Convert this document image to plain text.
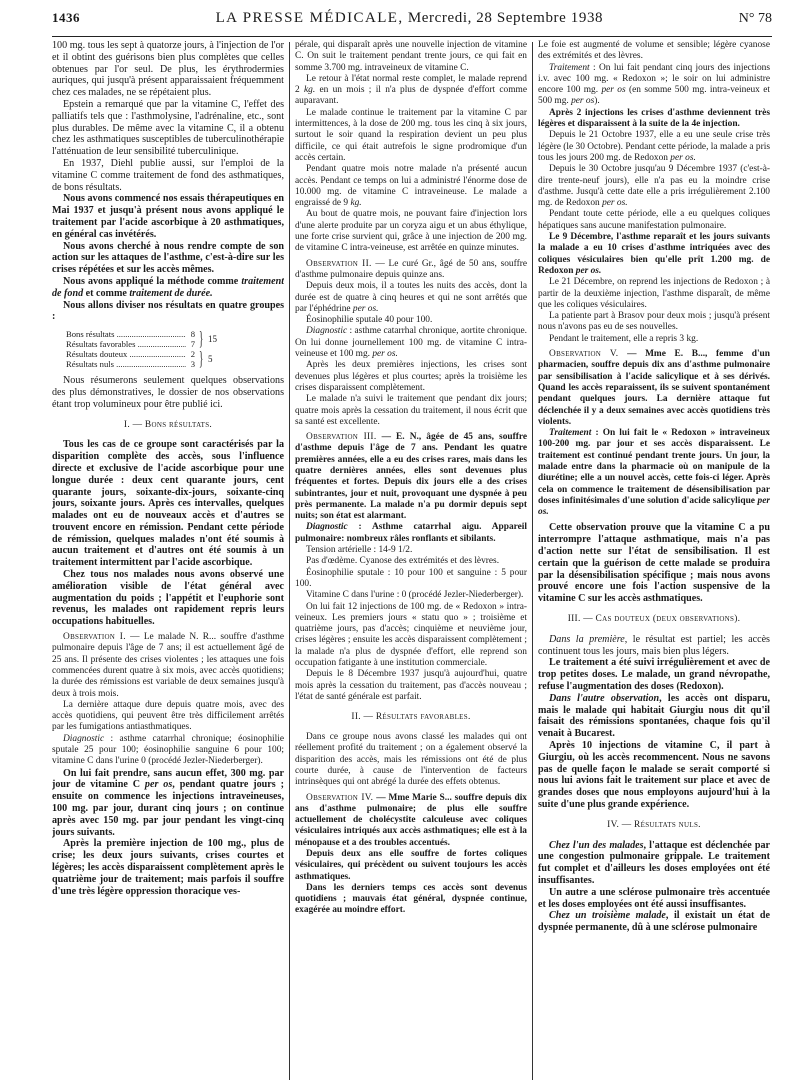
1436	LA PRESSE MÉDICALE, Mercredi, 28 Septembre 1938	N° 78

100 mg. tous les sept à quatorze jours, à l'injection de l'or et il obtint des guérisons bien plus complètes que celles obtenues par l'or seul. De plus, les érythrodermies auriques, qui jusqu'à présent apparaissaient fréquemment chez ces malades, ne se répétaient plus.

Epstein a remarqué que par la vitamine C, l'effet des palliatifs tels que : l'asthmolysine, l'adrénaline, etc., sont plus durables. De même avec la vitamine C, il a obtenu chez les asthmatiques susceptibles de tuberculinothérapie l'atténuation de leur sensibilité tuberculinique.

En 1937, Diehl publie aussi, sur l'emploi de la vitamine C comme traitement de fond des asthmatiques, de bons résultats.

Nous avons commencé nos essais thérapeutiques en Mai 1937 et jusqu'à présent nous avons appliqué le traitement par l'acide ascorbique à 20 asthmatiques, en général cas invétérés.

Nous avons cherché à nous rendre compte de son action sur les attaques de l'asthme, c'est-à-dire sur les crises répétées et sur les accès mêmes.

Nous avons appliqué la méthode comme traitement de fond et comme traitement de durée.

Nous allons diviser nos résultats en quatre groupes :

Bons résultats .....	8
Résultats favorables .....	7
Résultats douteux .....	2
Résultats nuls .....	3
} 15
} 5

Nous résumerons seulement quelques observations des plus démonstratives, le dossier de nos observations étant trop volumineux pour être publié ici.

I. — Bons résultats.

Tous les cas de ce groupe sont caractérisés par la disparition complète des accès, sous l'influence directe et exclusive de l'acide ascorbique pour une longue durée : deux cent quarante jours, cent quarante jours, soixante-dix-jours, soixante-cinq jours, soixante jours. Après ces intervalles, quelques malades ont eu de nouveaux accès et d'autres se trouvent encore en rémission. Pendant cette période de rémission, quelques malades n'ont été soumis à aucun traitement et d'autres ont été soumis à un traitement intermittent par l'acide ascorbique.

Chez tous nos malades nous avons observé une amélioration visible de l'état général avec augmentation du poids ; l'appétit et l'euphorie sont revenus, les malades ont rapidement repris leurs occupations habituelles.

Observation I. — Le malade N. R... souffre d'asthme pulmonaire depuis l'âge de 7 ans; il est actuellement âgé de 25 ans. Il présente des crises violentes ; les attaques une fois commencées durent quatre à six mois, avec accès quotidiens; la durée des rémissions est variable de deux semaines jusqu'à deux à trois mois.

La dernière attaque dure depuis quatre mois, avec des accès quotidiens, qui peuvent être très difficilement arrêtés par les fumigations antiasthmatiques.

Diagnostic : asthme catarrhal chronique; éosinophilie sputale 25 pour 100; éosinophilie sanguine 6 pour 100; vitamine C dans l'urine 0 (procédé Jezler-Niederberger).

On lui fait prendre, sans aucun effet, 300 mg. par jour de vitamine C per os, pendant quatre jours ; ensuite on commence les injections intraveineuses, 100 mg. par jour, durant cinq jours ; on continue après avec 150 mg. par jour pendant les vingt-cinq jours suivants.

Après la première injection de 100 mg., plus de crise; les deux jours suivants, crises courtes et légères; les accès disparaissent complètement après le quatrième jour de traitement; mais parfois il souffre d'une très légère oppression thoracique ves-

pérale, qui disparaît après une nouvelle injection de vitamine C. On suit le traitement pendant trente jours, ce qui fait en somme 3.700 mg. intraveineux de vitamine C.

Le retour à l'état normal reste complet, le malade reprend 2 kg. en un mois ; il n'a plus de dyspnée d'effort comme auparavant.

Le malade continue le traitement par la vitamine C par intermittences, à la dose de 200 mg. tous les cinq à six jours, surtout le soir quand la respiration devient un peu plus difficile, ce qui était autrefois le signe prodromique d'un accès certain.

Pendant quatre mois notre malade n'a présenté aucun accès. Pendant ce temps on lui a administré l'énorme dose de 10.000 mg. de vitamine C intraveineuse. Le malade a engraissé de 9 kg.

Au bout de quatre mois, ne pouvant faire d'injection lors d'une alerte produite par un coryza aigu et un abus éthylique, une forte crise survient qui, grâce à une injection de 200 mg. de vitamine C intra-veineuse, est arrêtée en quinze minutes.

Observation II. — Le curé Gr., âgé de 50 ans, souffre d'asthme pulmonaire depuis quinze ans.

Depuis deux mois, il a toutes les nuits des accès, dont la durée est de quatre à cinq heures et qui ne sont arrêtés que par l'éphédrine per os.

Éosinophilie sputale 40 pour 100.

Diagnostic : asthme catarrhal chronique, aortite chronique. On lui donne journellement 100 mg. de vitamine C intra-veineuse et 100 mg. per os.

Après les deux premières injections, les crises sont devenues plus légères et plus courtes; après la troisième les crises disparaissent complètement.

Le malade n'a suivi le traitement que pendant dix jours; quatre mois après la cessation du traitement, il nous écrit que sa santé est excellente.

Observation III. — E. N., âgée de 45 ans, souffre d'asthme depuis l'âge de 7 ans. Pendant les quatre premières années, elle a eu des crises rares, mais dans les quatre dernières années, elles sont devenues plus fréquentes et fortes. Depuis dix jours elle a des crises subintrantes, jour et nuit, provoquant une dyspnée à peu près permanente. La malade n'a pu dormir depuis sept nuits; son état est alarmant.

Diagnostic : Asthme catarrhal aigu. Appareil pulmonaire: nombreux râles ronflants et sibilants.

Tension artérielle : 14-9 1/2.

Pas d'œdème. Cyanose des extrémités et des lèvres.

Éosinophilie sputale : 10 pour 100 et sanguine : 5 pour 100.

Vitamine C dans l'urine : 0 (procédé Jezler-Niederberger).

On lui fait 12 injections de 100 mg. de « Redoxon » intra-veineux. Les premiers jours « statu quo » ; troisième et quatrième jours, pas d'accès; cinquième et neuvième jour, crises légères ; ensuite les accès disparaissent complètement ; la malade n'a plus de dyspnée d'effort, elle reprend son occupation fatigante à une institution commerciale.

Depuis le 8 Décembre 1937 jusqu'à aujourd'hui, quatre mois après la cessation du traitement, pas d'accès nouveau ; l'état de santé générale est parfait.

II. — Résultats favorables.

Dans ce groupe nous avons classé les malades qui ont réellement profité du traitement ; on a également observé la disparition des accès, mais les rémissions ont été de plus courte durée, à cause de l'intervention de facteurs intrinsèques qui ont abrégé la durée des effets obtenus.

Observation IV. — Mme Marie S... souffre depuis dix ans d'asthme pulmonaire; de plus elle souffre actuellement de cholécystite calculeuse avec coliques vésiculaires intriqués aux accès asthmatiques; elle est à la ménopause et a des troubles accentués.

Depuis deux ans elle souffre de fortes coliques vésiculaires, qui précèdent ou suivent toujours les accès asthmatiques.

Dans les derniers temps ces accès sont devenus quotidiens ; mauvais état général, dyspnée continue, exagérée au moindre effort.

Le foie est augmenté de volume et sensible; légère cyanose des extrémités et des lèvres.

Traitement : On lui fait pendant cinq jours des injections i.v. avec 100 mg. « Redoxon »; le soir on lui administre encore 100 mg. per os (en somme 500 mg. intra-veineux et 500 mg. per os).

Après 2 injections les crises d'asthme deviennent très légères et disparaissent à la suite de la 4e injection.

Depuis le 21 Octobre 1937, elle a eu une seule crise très légère (le 30 Octobre). Pendant cette période, la malade a pris tous les jours 200 mg. de Redoxon per os.

Depuis le 30 Octobre jusqu'au 9 Décembre 1937 (c'est-à-dire trente-neuf jours), elle n'a pas eu la moindre crise d'asthme. Jusqu'à cette date elle a pris irrégulièrement 2.100 mg. de Redoxon per os.

Pendant toute cette période, elle a eu quelques coliques hépatiques sans aucune manifestation pulmonaire.

Le 9 Décembre, l'asthme reparaît et les jours suivants la malade a eu 10 crises d'asthme intriquées avec des coliques vésiculaires bien qu'elle prît 1.200 mg. de Redoxon per os.

Le 21 Décembre, on reprend les injections de Redoxon ; à partir de la deuxième injection, l'asthme disparaît, de même que les coliques vésiculaires.

La patiente part à Brasov pour deux mois ; jusqu'à présent nous n'avons pas eu de ses nouvelles.

Pendant le traitement, elle a repris 3 kg.

Observation V. — Mme E. B..., femme d'un pharmacien, souffre depuis dix ans d'asthme pulmonaire par sensibilisation à l'acide salicylique et à ses dérivés. Quand les accès reparaissent, ils se suivent spontanément pendant quelques jours. La dernière attaque fut déclenchée il y a deux semaines avec accès quotidiens très violents.

Traitement : On lui fait le « Redoxon » intraveineux 100-200 mg. par jour et ses accès disparaissent. Le traitement est continué pendant trente jours. Un jour, la malade entre dans la pharmacie où on manipule de la diurétine; elle a un nouvel accès, cette fois-ci léger. Après cela on commence le traitement de désensibilisation par doses infinitésimales d'une solution d'acide salicylique per os.

Cette observation prouve que la vitamine C a pu interrompre l'attaque asthmatique, mais n'a pas d'action nette sur l'état de sensibilisation. Il est certain que la guérison de cette malade se produira par la désensibilisation spécifique ; mais nous avons prouvé encore une fois l'action suspensive de la vitamine C sur les accès asthmatiques.

III. — Cas douteux (deux observations).

Dans la première, le résultat est partiel; les accès continuent tous les jours, mais bien plus légers.

Le traitement a été suivi irrégulièrement et avec de trop petites doses. Le malade, un grand névropathe, refuse l'augmentation des doses (Redoxon).

Dans l'autre observation, les accès ont disparu, mais le malade qui habitait Giurgiu nous dit qu'il faisait des rémissions spontanées, chaque fois qu'il venait à Bucarest.

Après 10 injections de vitamine C, il part à Giurgiu, où les accès recommencent. Nous ne savons pas de quelle façon le malade se serait comporté si nous lui avions fait le traitement sur place et avec de grandes doses que nous employons aujourd'hui à la suite d'une plus grande expérience.

IV. — Résultats nuls.

Chez l'un des malades, l'attaque est déclenchée par une congestion pulmonaire grippale. Le traitement fut complet et d'ailleurs les doses employées ont été insuffisantes.

Un autre a une sclérose pulmonaire très accentuée et les doses employées ont été aussi insuffisantes.

Chez un troisième malade, il existait un état de dyspnée permanente, dû à une sclérose pulmonaire
